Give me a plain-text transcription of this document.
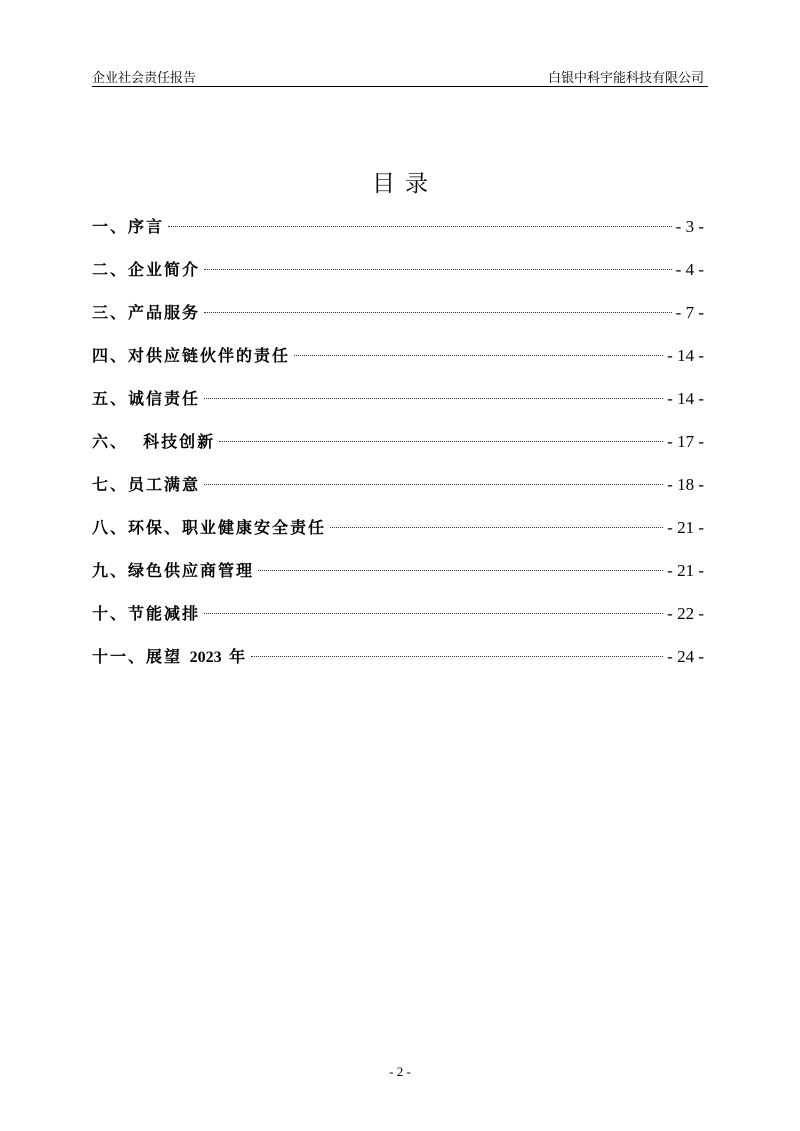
企业社会责任报告	白银中科宇能科技有限公司
目录
一、序言	- 3 -
二、企业简介	- 4 -
三、产品服务	- 7 -
四、对供应链伙伴的责任	- 14 -
五、诚信责任	- 14 -
六、  科技创新	- 17 -
七、员工满意	- 18 -
八、环保、职业健康安全责任	- 21 -
九、绿色供应商管理	- 21 -
十、节能减排	- 22 -
十一、展望 2023 年	- 24 -
- 2 -
